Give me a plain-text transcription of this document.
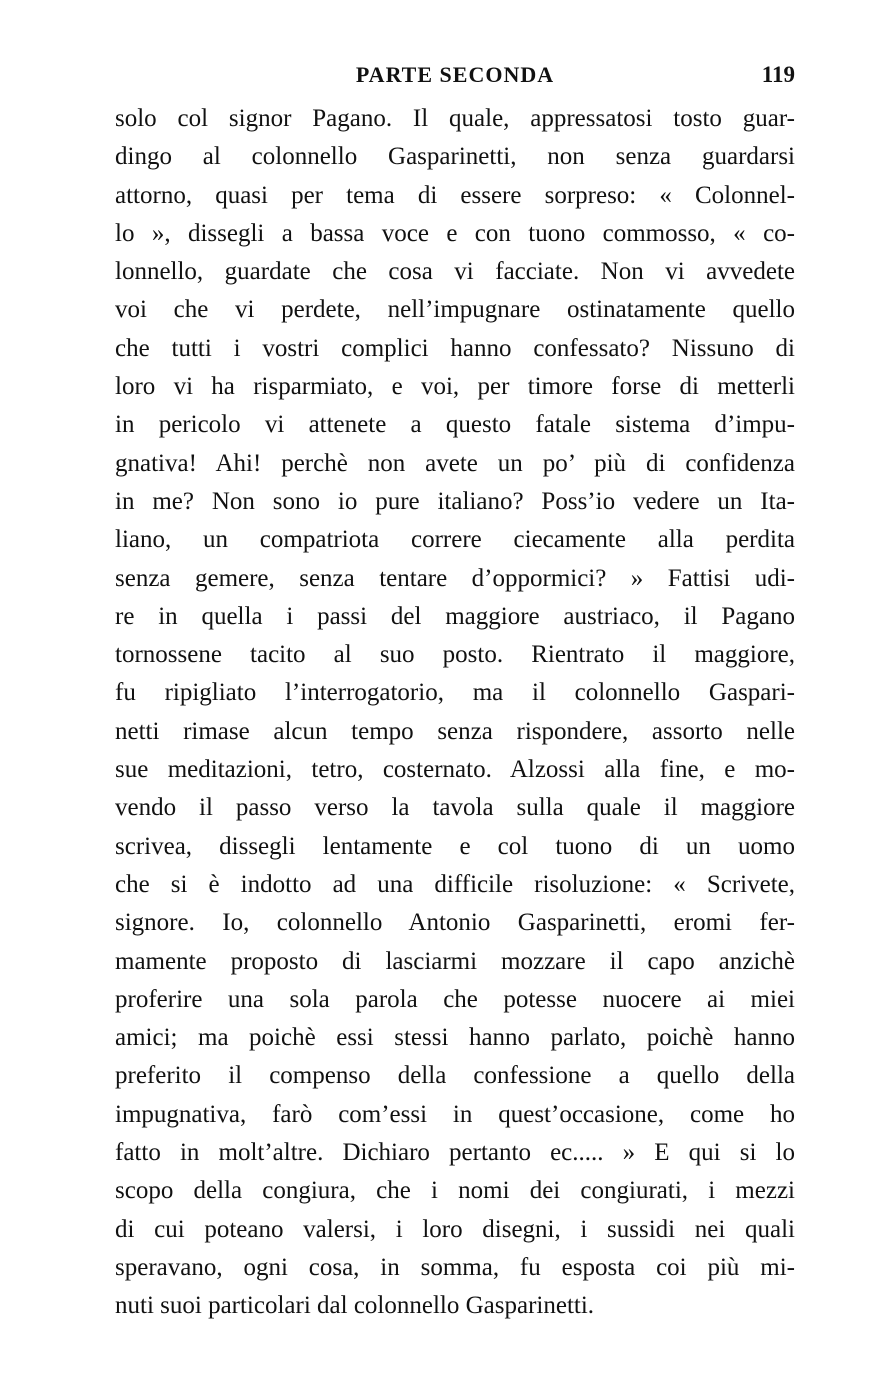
PARTE SECONDA	119
solo col signor Pagano. Il quale, appressatosi tosto guar-
dingo al colonnello Gasparinetti, non senza guardarsi
attorno, quasi per tema di essere sorpreso: « Colonnel-
lo », dissegli a bassa voce e con tuono commosso, « co-
lonnello, guardate che cosa vi facciate. Non vi avvedete
voi che vi perdete, nell’impugnare ostinatamente quello
che tutti i vostri complici hanno confessato? Nissuno di
loro vi ha risparmiato, e voi, per timore forse di metterli
in pericolo vi attenete a questo fatale sistema d’impu-
gnativa! Ahi! perchè non avete un po’ più di confidenza
in me? Non sono io pure italiano? Poss’io vedere un Ita-
liano, un compatriota correre ciecamente alla perdita
senza gemere, senza tentare d’oppormici? » Fattisi udi-
re in quella i passi del maggiore austriaco, il Pagano
tornossene tacito al suo posto. Rientrato il maggiore,
fu ripigliato l’interrogatorio, ma il colonnello Gaspari-
netti rimase alcun tempo senza rispondere, assorto nelle
sue meditazioni, tetro, costernato. Alzossi alla fine, e mo-
vendo il passo verso la tavola sulla quale il maggiore
scrivea, dissegli lentamente e col tuono di un uomo
che si è indotto ad una difficile risoluzione: « Scrivete,
signore. Io, colonnello Antonio Gasparinetti, eromi fer-
mamente proposto di lasciarmi mozzare il capo anzichè
proferire una sola parola che potesse nuocere ai miei
amici; ma poichè essi stessi hanno parlato, poichè hanno
preferito il compenso della confessione a quello della
impugnativa, farò com’essi in quest’occasione, come ho
fatto in molt’altre. Dichiaro pertanto ec..... » E qui si lo
scopo della congiura, che i nomi dei congiurati, i mezzi
di cui poteano valersi, i loro disegni, i sussidi nei quali
speravano, ogni cosa, in somma, fu esposta coi più mi-
nuti suoi particolari dal colonnello Gasparinetti.
